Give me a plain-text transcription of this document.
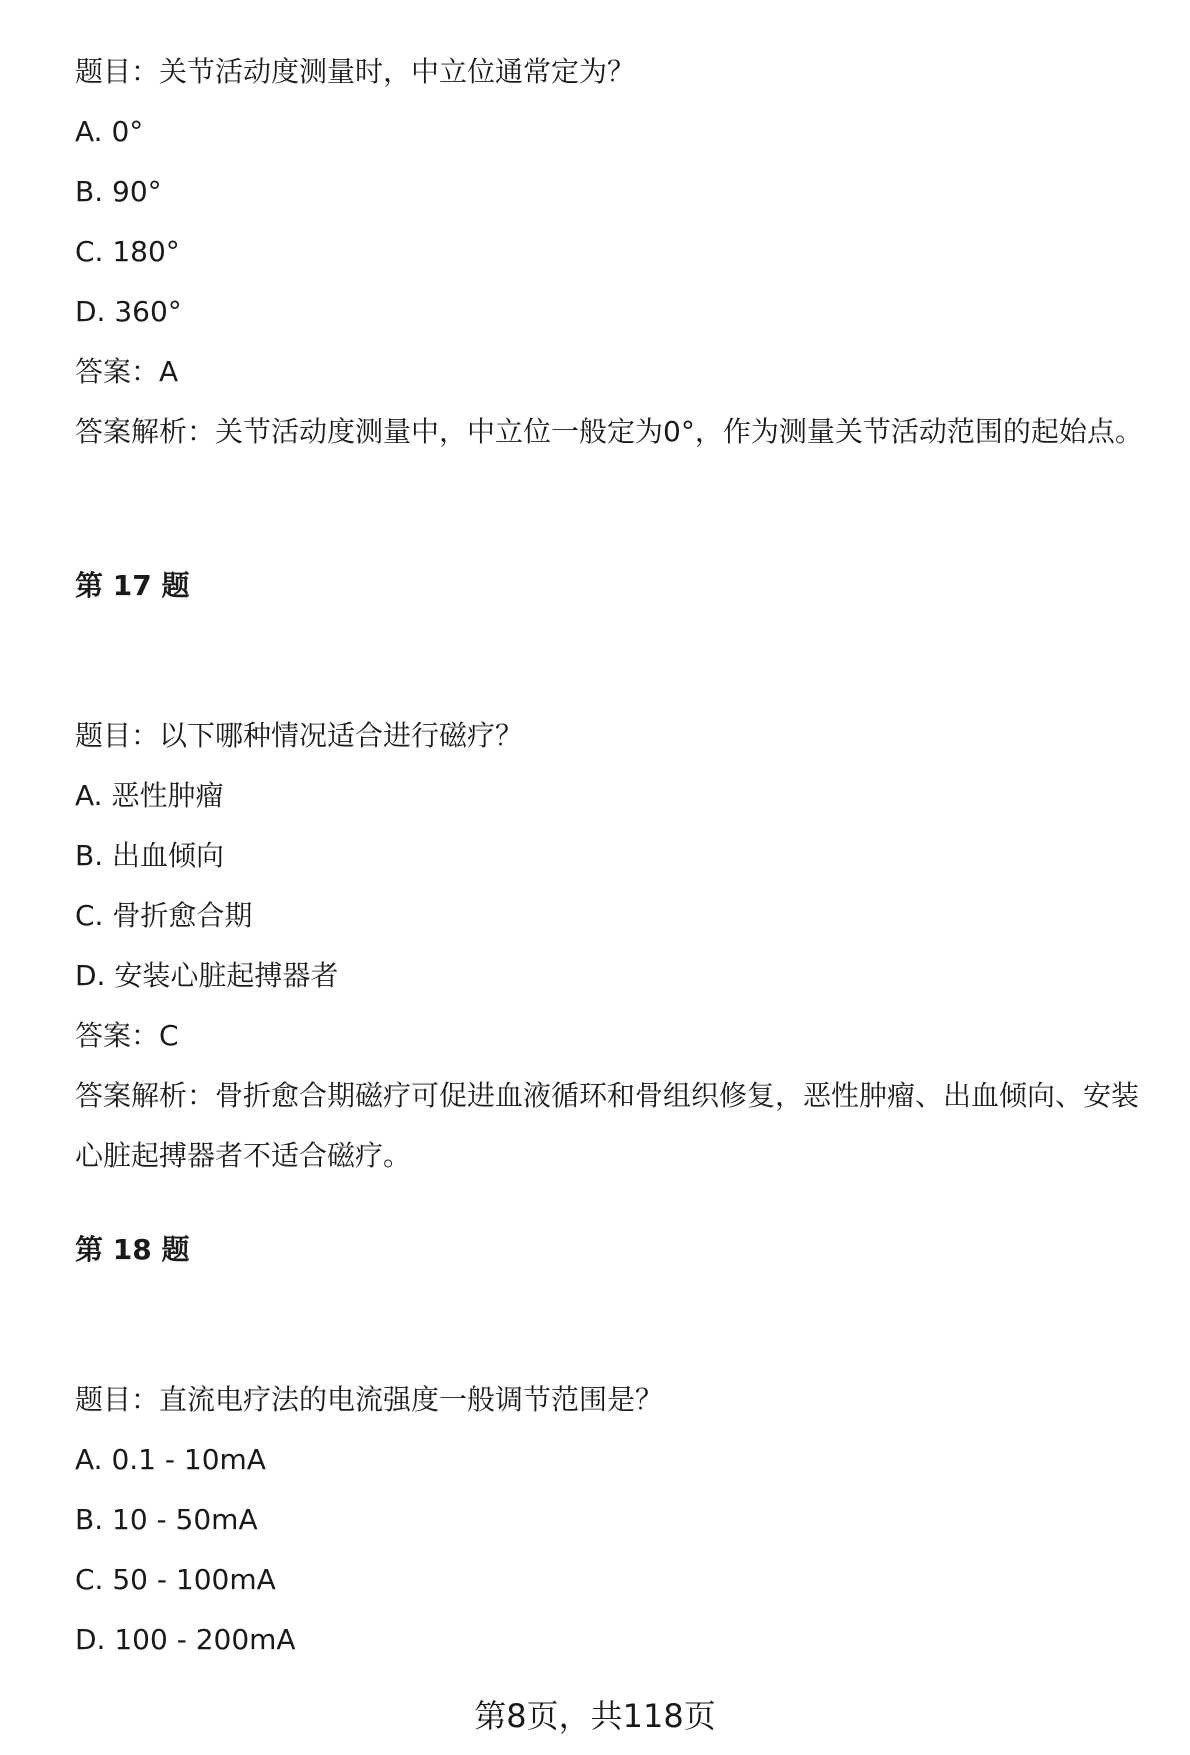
题目：关节活动度测量时，中立位通常定为？
A. 0°
B. 90°
C. 180°
D. 360°
答案：A
答案解析：关节活动度测量中，中立位一般定为0°，作为测量关节活动范围的起始点。
第 17 题
题目：以下哪种情况适合进行磁疗？
A. 恶性肿瘤
B. 出血倾向
C. 骨折愈合期
D. 安装心脏起搏器者
答案：C
答案解析：骨折愈合期磁疗可促进血液循环和骨组织修复，恶性肿瘤、出血倾向、安装心脏起搏器者不适合磁疗。
第 18 题
题目：直流电疗法的电流强度一般调节范围是？
A. 0.1 - 10mA
B. 10 - 50mA
C. 50 - 100mA
D. 100 - 200mA
第8页，共118页
